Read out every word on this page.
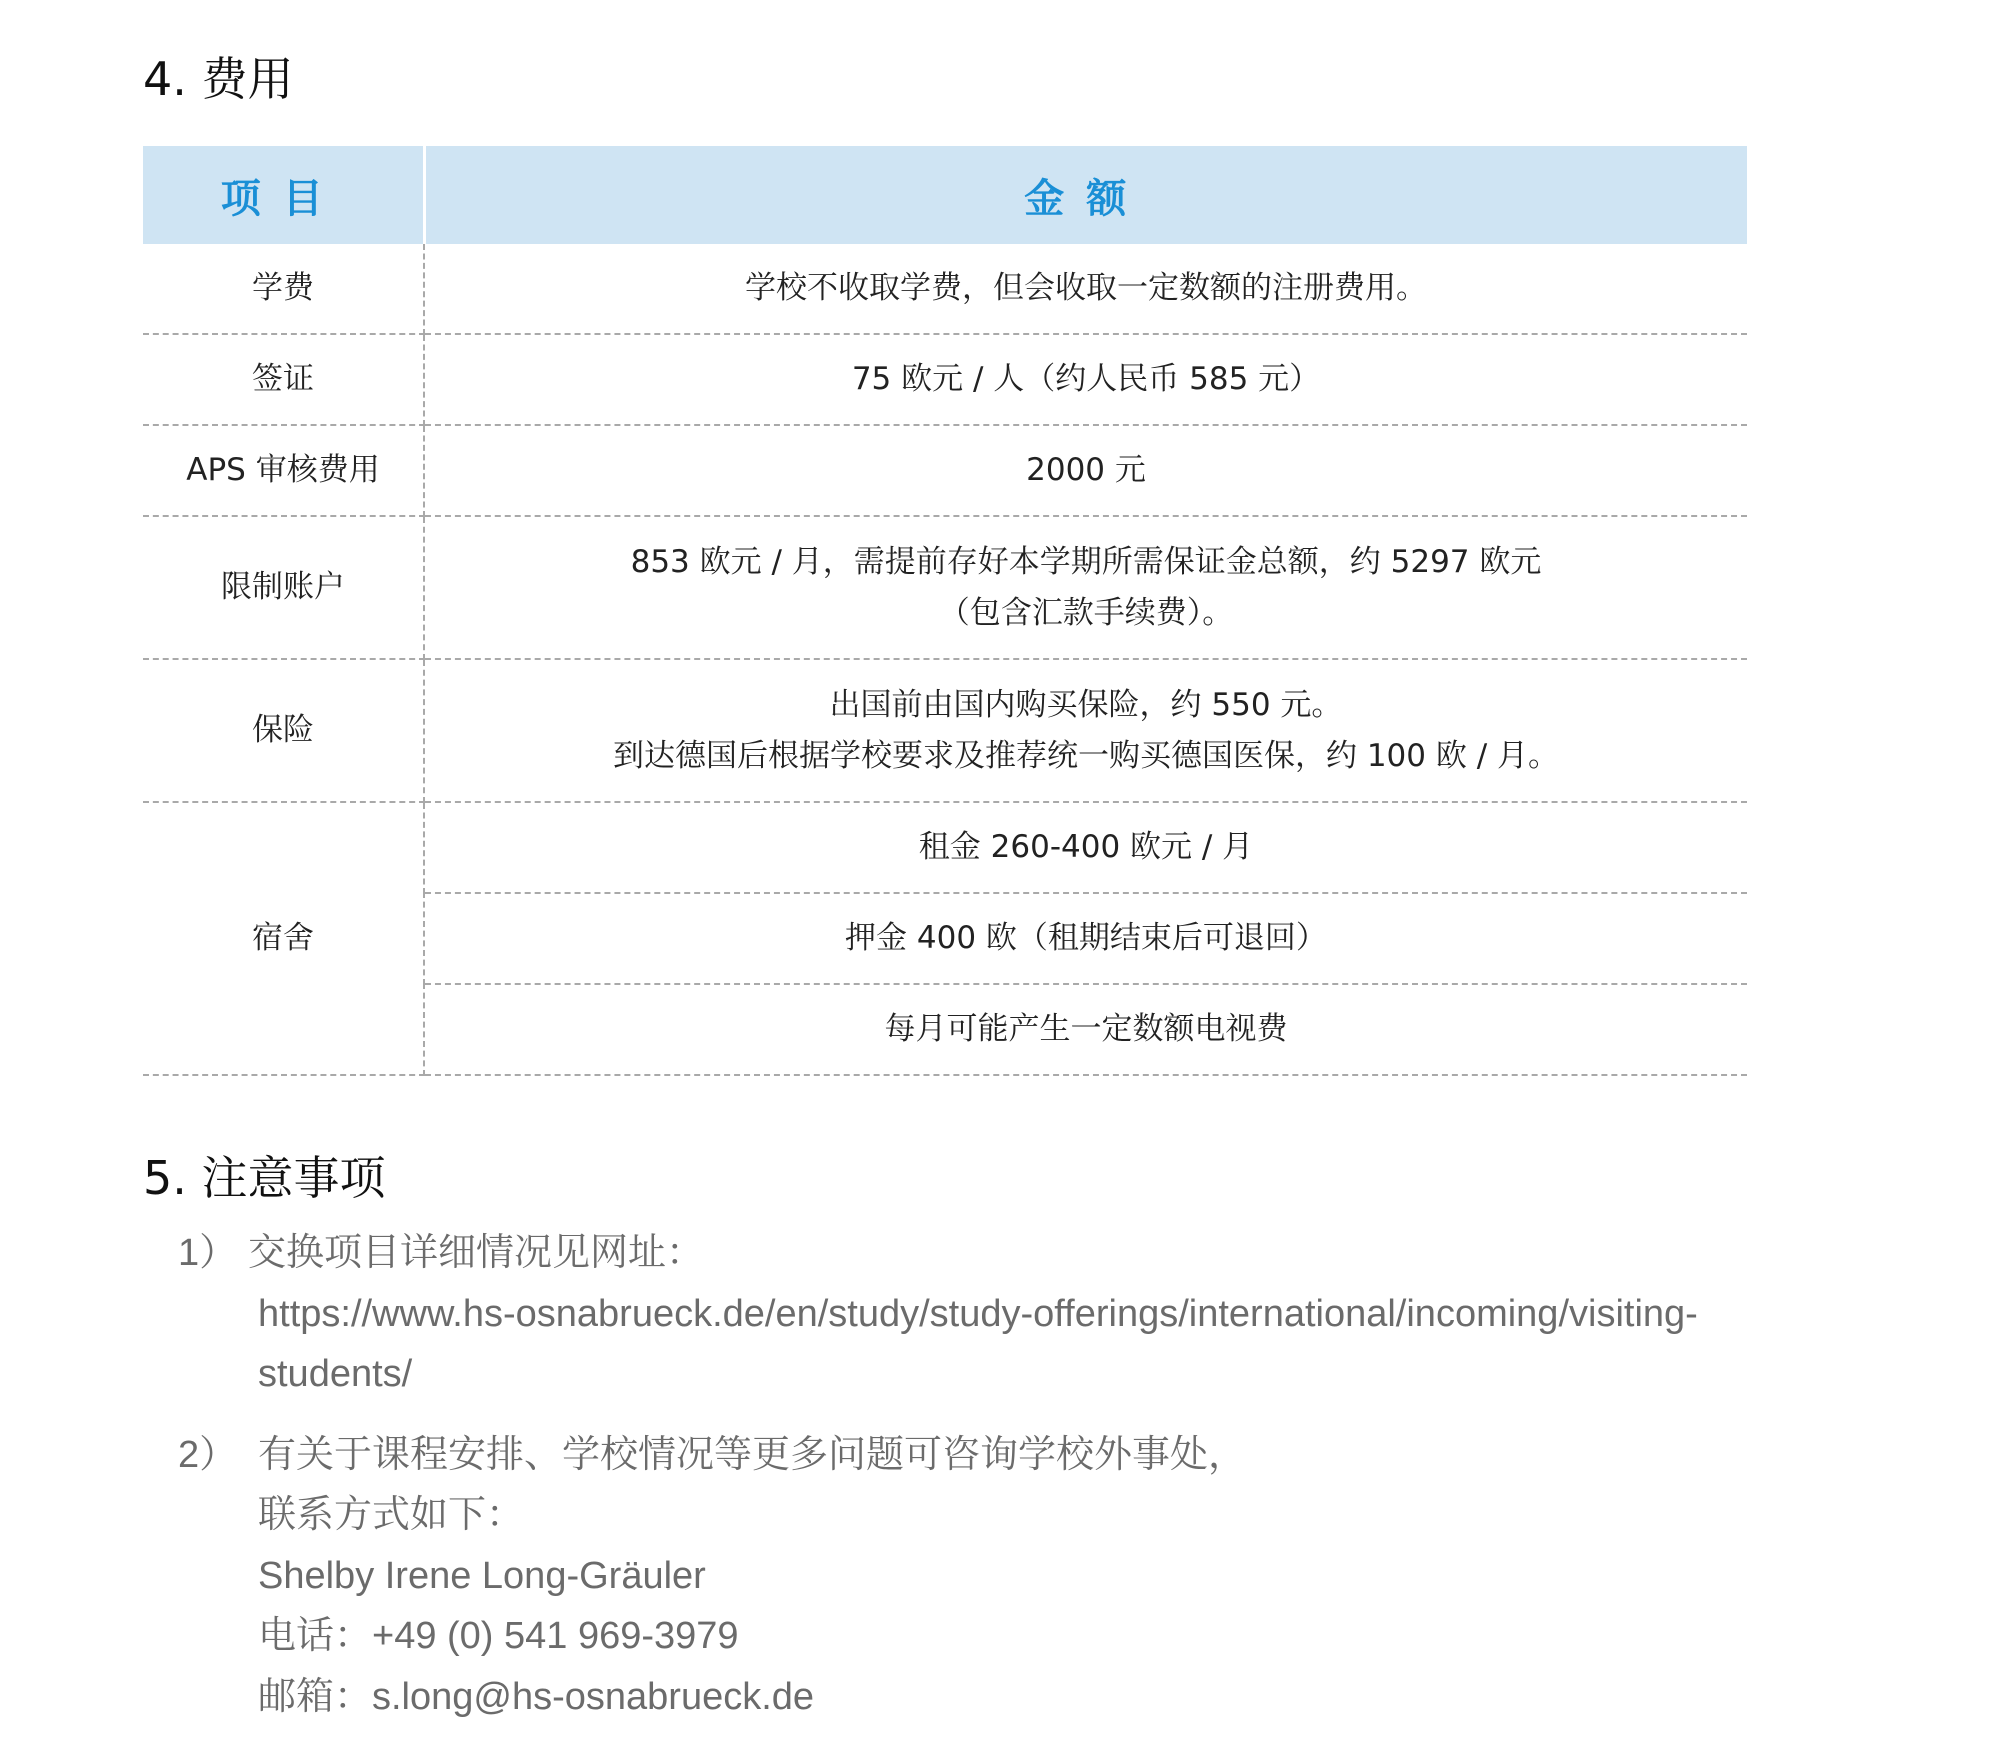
4. 费用
项目	金额
学费	学校不收取学费，但会收取一定数额的注册费用。

签证	75 欧元 / 人（约人民币 585 元）

APS 审核费用	2000 元

限制账户	853 欧元 / 月，需提前存好本学期所需保证金总额，约 5297 欧元
（包含汇款手续费）。

保险	出国前由国内购买保险，约 550 元。
到达德国后根据学校要求及推荐统一购买德国医保，约 100 欧 / 月。

宿舍	租金 260-400 欧元 / 月
	押金 400 欧（租期结束后可退回）
	每月可能产生一定数额电视费
5. 注意事项
1） 交换项目详细情况见网址：
https://www.hs-osnabrueck.de/en/study/study-offerings/international/incoming/visiting-
students/
2） 有关于课程安排、学校情况等更多问题可咨询学校外事处，
联系方式如下：
Shelby Irene Long-Gräuler
电话：+49 (0) 541 969-3979
邮箱：s.long@hs-osnabrueck.de
